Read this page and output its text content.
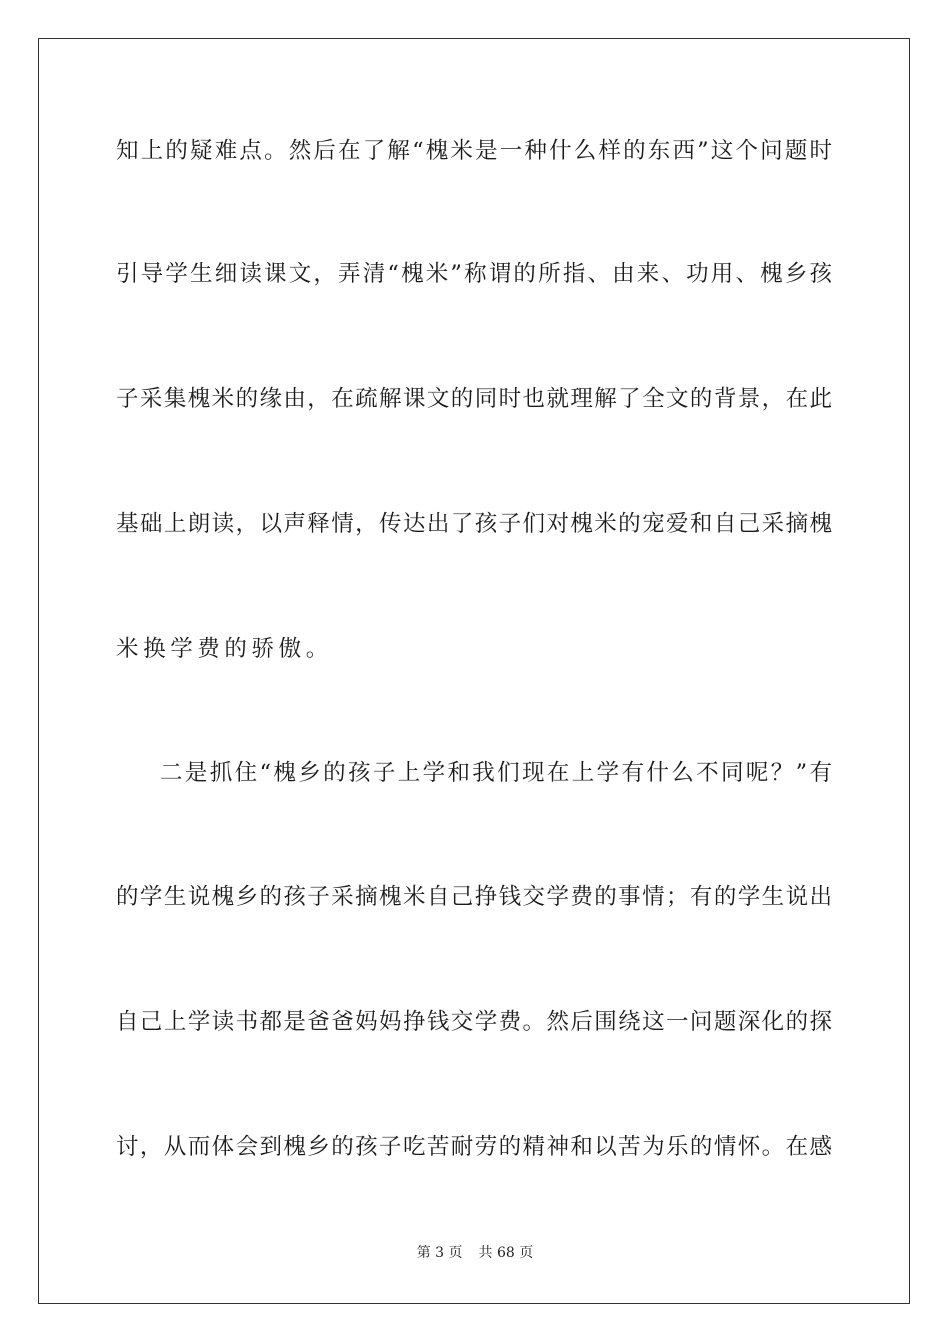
知上的疑难点。然后在了解“槐米是一种什么样的东西”这个问题时
引导学生细读课文，弄清“槐米”称谓的所指、由来、功用、槐乡孩
子采集槐米的缘由，在疏解课文的同时也就理解了全文的背景，在此
基础上朗读，以声释情，传达出了孩子们对槐米的宠爱和自己采摘槐
米换学费的骄傲。
二是抓住“槐乡的孩子上学和我们现在上学有什么不同呢？”有
的学生说槐乡的孩子采摘槐米自己挣钱交学费的事情；有的学生说出
自己上学读书都是爸爸妈妈挣钱交学费。然后围绕这一问题深化的探
讨，从而体会到槐乡的孩子吃苦耐劳的精神和以苦为乐的情怀。在感
第 3 页 共 68 页
